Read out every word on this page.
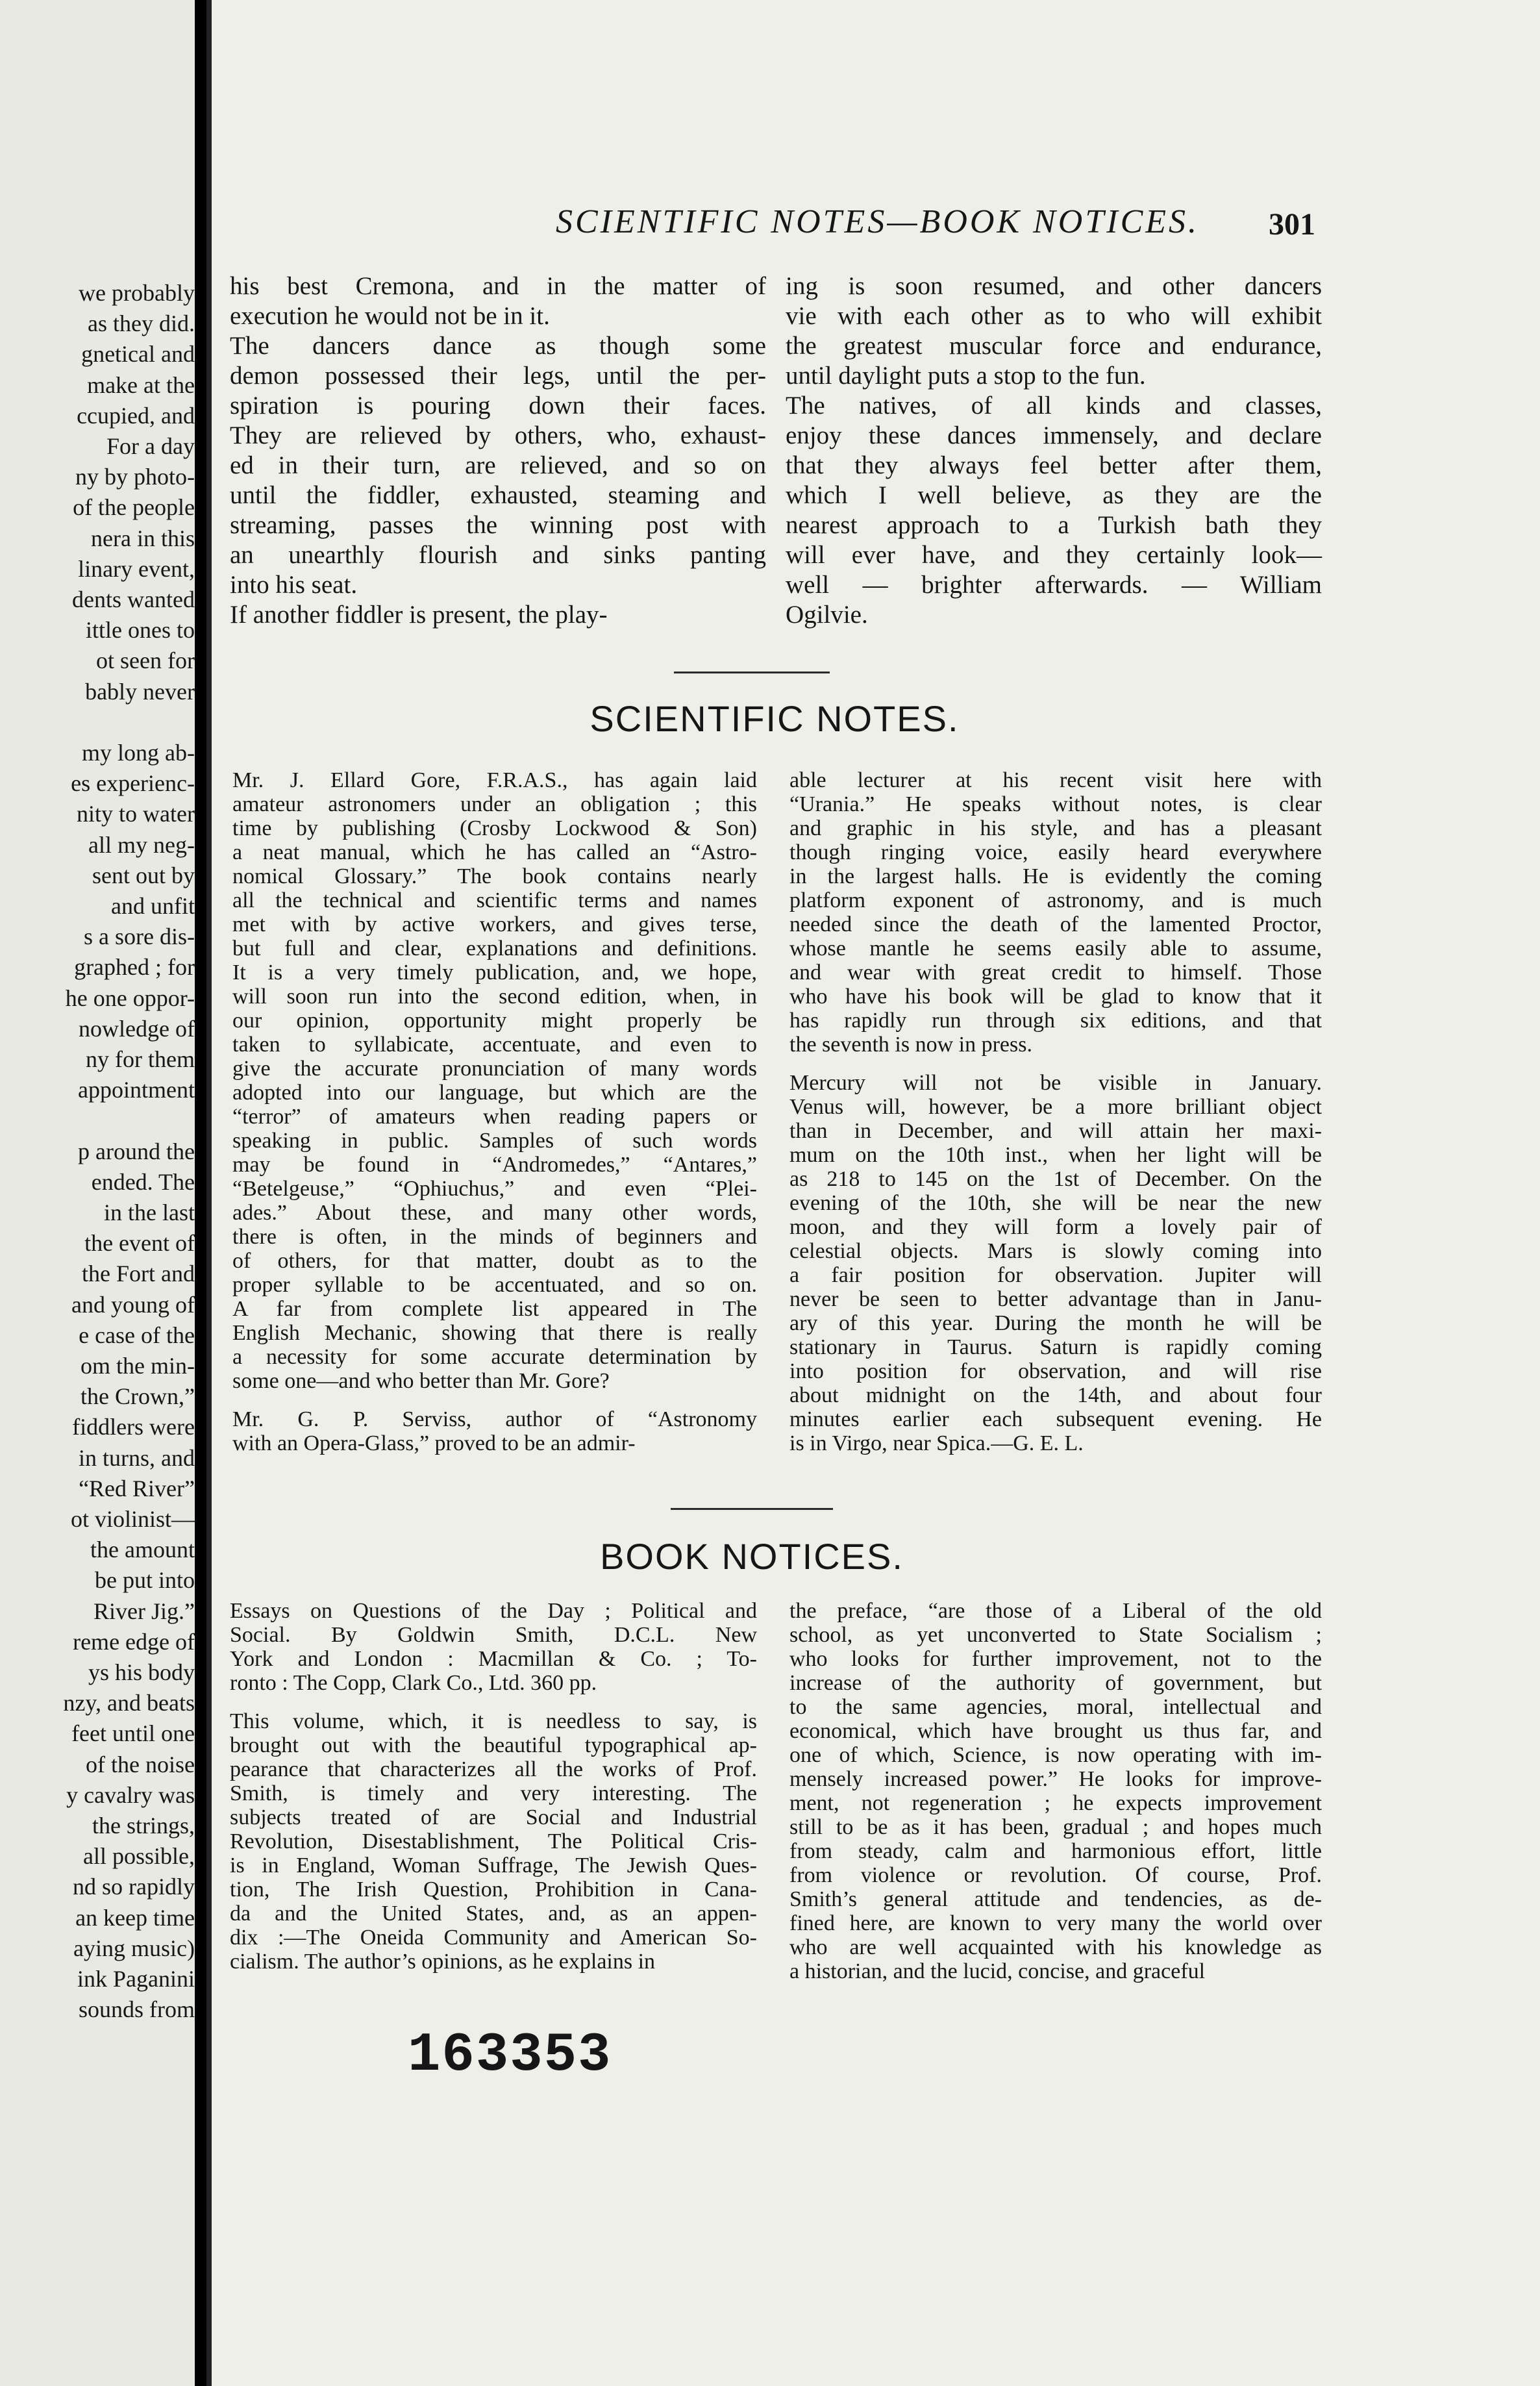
we probably
as they did.
gnetical and
make at the
ccupied, and
For a day
ny by photo-
of the people
nera in this
linary event,
dents wanted
ittle ones to
ot seen for
bably never
my long ab-
es experienc-
nity to water
all my neg-
sent out by
and unfit
s a sore dis-
graphed ; for
he one oppor-
nowledge of
ny for them
appointment
p around the
ended. The
in the last
the event of
the Fort and
and young of
e case of the
om the min-
the Crown,”
fiddlers were
in turns, and
“Red River”
ot violinist—
the amount
be put into
River Jig.”
reme edge of
ys his body
nzy, and beats
feet until one
of the noise
y cavalry was
the strings,
all possible,
nd so rapidly
an keep time
aying music)
ink Paganini
sounds from
SCIENTIFIC NOTES—BOOK NOTICES.	301
his best Cremona, and in the matter of
execution he would not be in it.
The dancers dance as though some
demon possessed their legs, until the per-
spiration is pouring down their faces.
They are relieved by others, who, exhaust-
ed in their turn, are relieved, and so on
until the fiddler, exhausted, steaming and
streaming, passes the winning post with
an unearthly flourish and sinks panting
into his seat.
If another fiddler is present, the play-
ing is soon resumed, and other dancers
vie with each other as to who will exhibit
the greatest muscular force and endurance,
until daylight puts a stop to the fun.
The natives, of all kinds and classes,
enjoy these dances immensely, and declare
that they always feel better after them,
which I well believe, as they are the
nearest approach to a Turkish bath they
will ever have, and they certainly look—
well — brighter afterwards. — William
Ogilvie.
SCIENTIFIC NOTES.
Mr. J. Ellard Gore, F.R.A.S., has again laid
amateur astronomers under an obligation ; this
time by publishing (Crosby Lockwood & Son)
a neat manual, which he has called an “Astro-
nomical Glossary.” The book contains nearly
all the technical and scientific terms and names
met with by active workers, and gives terse,
but full and clear, explanations and definitions.
It is a very timely publication, and, we hope,
will soon run into the second edition, when, in
our opinion, opportunity might properly be
taken to syllabicate, accentuate, and even to
give the accurate pronunciation of many words
adopted into our language, but which are the
“terror” of amateurs when reading papers or
speaking in public. Samples of such words
may be found in “Andromedes,” “Antares,”
“Betelgeuse,” “Ophiuchus,” and even “Plei-
ades.” About these, and many other words,
there is often, in the minds of beginners and
of others, for that matter, doubt as to the
proper syllable to be accentuated, and so on.
A far from complete list appeared in The
English Mechanic, showing that there is really
a necessity for some accurate determination by
some one—and who better than Mr. Gore?
Mr. G. P. Serviss, author of “Astronomy
with an Opera-Glass,” proved to be an admir-
able lecturer at his recent visit here with
“Urania.” He speaks without notes, is clear
and graphic in his style, and has a pleasant
though ringing voice, easily heard everywhere
in the largest halls. He is evidently the coming
platform exponent of astronomy, and is much
needed since the death of the lamented Proctor,
whose mantle he seems easily able to assume,
and wear with great credit to himself. Those
who have his book will be glad to know that it
has rapidly run through six editions, and that
the seventh is now in press.
Mercury will not be visible in January.
Venus will, however, be a more brilliant object
than in December, and will attain her maxi-
mum on the 10th inst., when her light will be
as 218 to 145 on the 1st of December. On the
evening of the 10th, she will be near the new
moon, and they will form a lovely pair of
celestial objects. Mars is slowly coming into
a fair position for observation. Jupiter will
never be seen to better advantage than in Janu-
ary of this year. During the month he will be
stationary in Taurus. Saturn is rapidly coming
into position for observation, and will rise
about midnight on the 14th, and about four
minutes earlier each subsequent evening. He
is in Virgo, near Spica.—G. E. L.
BOOK NOTICES.
Essays on Questions of the Day ; Political and
Social. By Goldwin Smith, D.C.L. New
York and London : Macmillan & Co. ; To-
ronto : The Copp, Clark Co., Ltd. 360 pp.
This volume, which, it is needless to say, is
brought out with the beautiful typographical ap-
pearance that characterizes all the works of Prof.
Smith, is timely and very interesting. The
subjects treated of are Social and Industrial
Revolution, Disestablishment, The Political Cris-
is in England, Woman Suffrage, The Jewish Ques-
tion, The Irish Question, Prohibition in Cana-
da and the United States, and, as an appen-
dix :—The Oneida Community and American So-
cialism. The author’s opinions, as he explains in
the preface, “are those of a Liberal of the old
school, as yet unconverted to State Socialism ;
who looks for further improvement, not to the
increase of the authority of government, but
to the same agencies, moral, intellectual and
economical, which have brought us thus far, and
one of which, Science, is now operating with im-
mensely increased power.” He looks for improve-
ment, not regeneration ; he expects improvement
still to be as it has been, gradual ; and hopes much
from steady, calm and harmonious effort, little
from violence or revolution. Of course, Prof.
Smith’s general attitude and tendencies, as de-
fined here, are known to very many the world over
who are well acquainted with his knowledge as
a historian, and the lucid, concise, and graceful
163353
